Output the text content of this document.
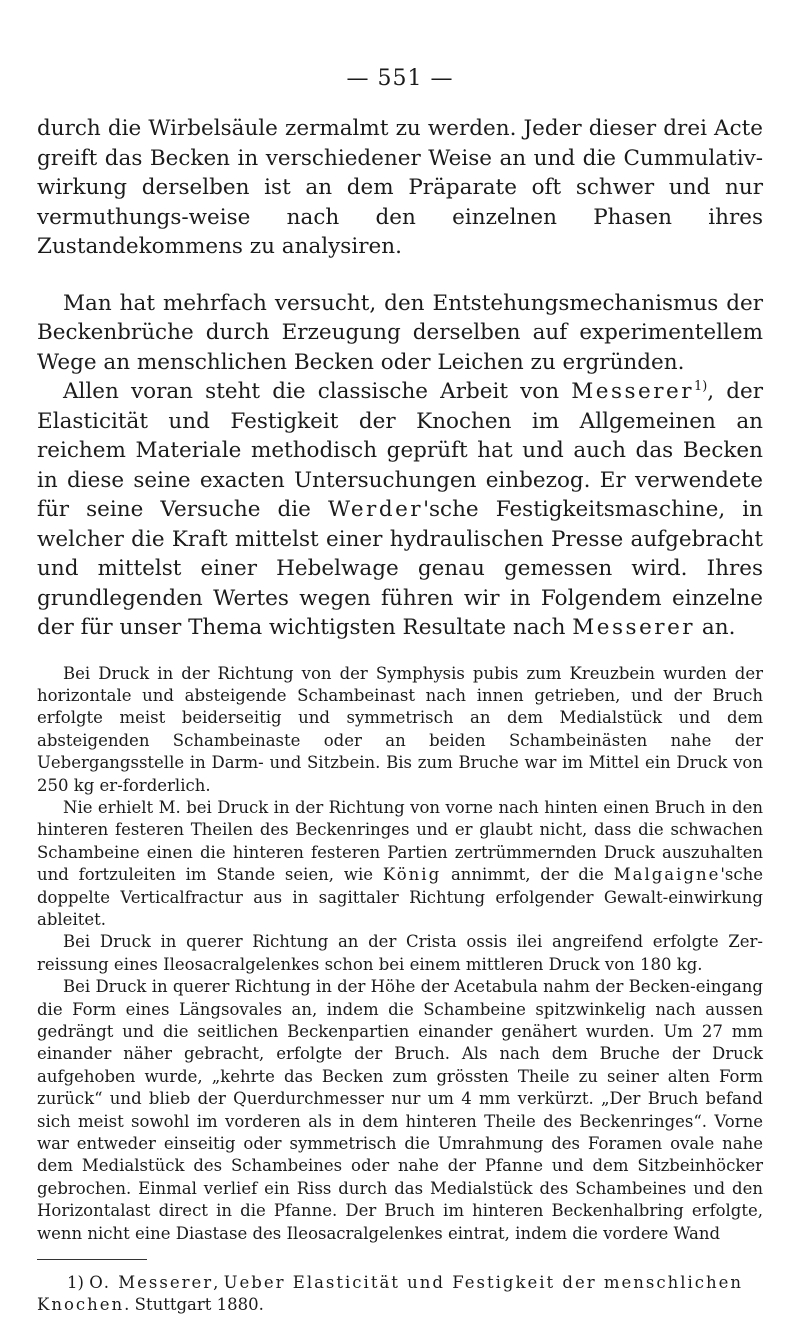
— 551 —

durch die Wirbelsäule zermalmt zu werden. Jeder dieser drei Acte greift das Becken in verschiedener Weise an und die Cummulativ-wirkung derselben ist an dem Präparate oft schwer und nur vermuthungs-weise nach den einzelnen Phasen ihres Zustandekommens zu analysiren.

Man hat mehrfach versucht, den Entstehungsmechanismus der Beckenbrüche durch Erzeugung derselben auf experimentellem Wege an menschlichen Becken oder Leichen zu ergründen.

Allen voran steht die classische Arbeit von Messerer$^{1)}$, der Elasticität und Festigkeit der Knochen im Allgemeinen an reichem Materiale methodisch geprüft hat und auch das Becken in diese seine exacten Untersuchungen einbezog. Er verwendete für seine Versuche die Werder'sche Festigkeitsmaschine, in welcher die Kraft mittelst einer hydraulischen Presse aufgebracht und mittelst einer Hebelwage genau gemessen wird. Ihres grundlegenden Wertes wegen führen wir in Folgendem einzelne der für unser Thema wichtigsten Resultate nach Messerer an.

Bei Druck in der Richtung von der Symphysis pubis zum Kreuzbein wurden der horizontale und absteigende Schambeinast nach innen getrieben, und der Bruch erfolgte meist beiderseitig und symmetrisch an dem Medialstück und dem absteigenden Schambeinaste oder an beiden Schambeinästen nahe der Uebergangsstelle in Darm- und Sitzbein. Bis zum Bruche war im Mittel ein Druck von 250 kg er-forderlich.

Nie erhielt M. bei Druck in der Richtung von vorne nach hinten einen Bruch in den hinteren festeren Theilen des Beckenringes und er glaubt nicht, dass die schwachen Schambeine einen die hinteren festeren Partien zertrümmernden Druck auszuhalten und fortzuleiten im Stande seien, wie König annimmt, der die Malgaigne'sche doppelte Verticalfractur aus in sagittaler Richtung erfolgender Gewalt-einwirkung ableitet.

Bei Druck in querer Richtung an der Crista ossis ilei angreifend erfolgte Zer-reissung eines Ileosacralgelenkes schon bei einem mittleren Druck von 180 kg.

Bei Druck in querer Richtung in der Höhe der Acetabula nahm der Becken-eingang die Form eines Längsovales an, indem die Schambeine spitzwinkelig nach aussen gedrängt und die seitlichen Beckenpartien einander genähert wurden. Um 27 mm einander näher gebracht, erfolgte der Bruch. Als nach dem Bruche der Druck aufgehoben wurde, „kehrte das Becken zum grössten Theile zu seiner alten Form zurück“ und blieb der Querdurchmesser nur um 4 mm verkürzt. „Der Bruch befand sich meist sowohl im vorderen als in dem hinteren Theile des Beckenringes“. Vorne war entweder einseitig oder symmetrisch die Umrahmung des Foramen ovale nahe dem Medialstück des Schambeines oder nahe der Pfanne und dem Sitzbeinhöcker gebrochen. Einmal verlief ein Riss durch das Medialstück des Schambeines und den Horizontalast direct in die Pfanne. Der Bruch im hinteren Beckenhalbring erfolgte, wenn nicht eine Diastase des Ileosacralgelenkes eintrat, indem die vordere Wand

1) O. Messerer, Ueber Elasticität und Festigkeit der menschlichen Knochen. Stuttgart 1880.
